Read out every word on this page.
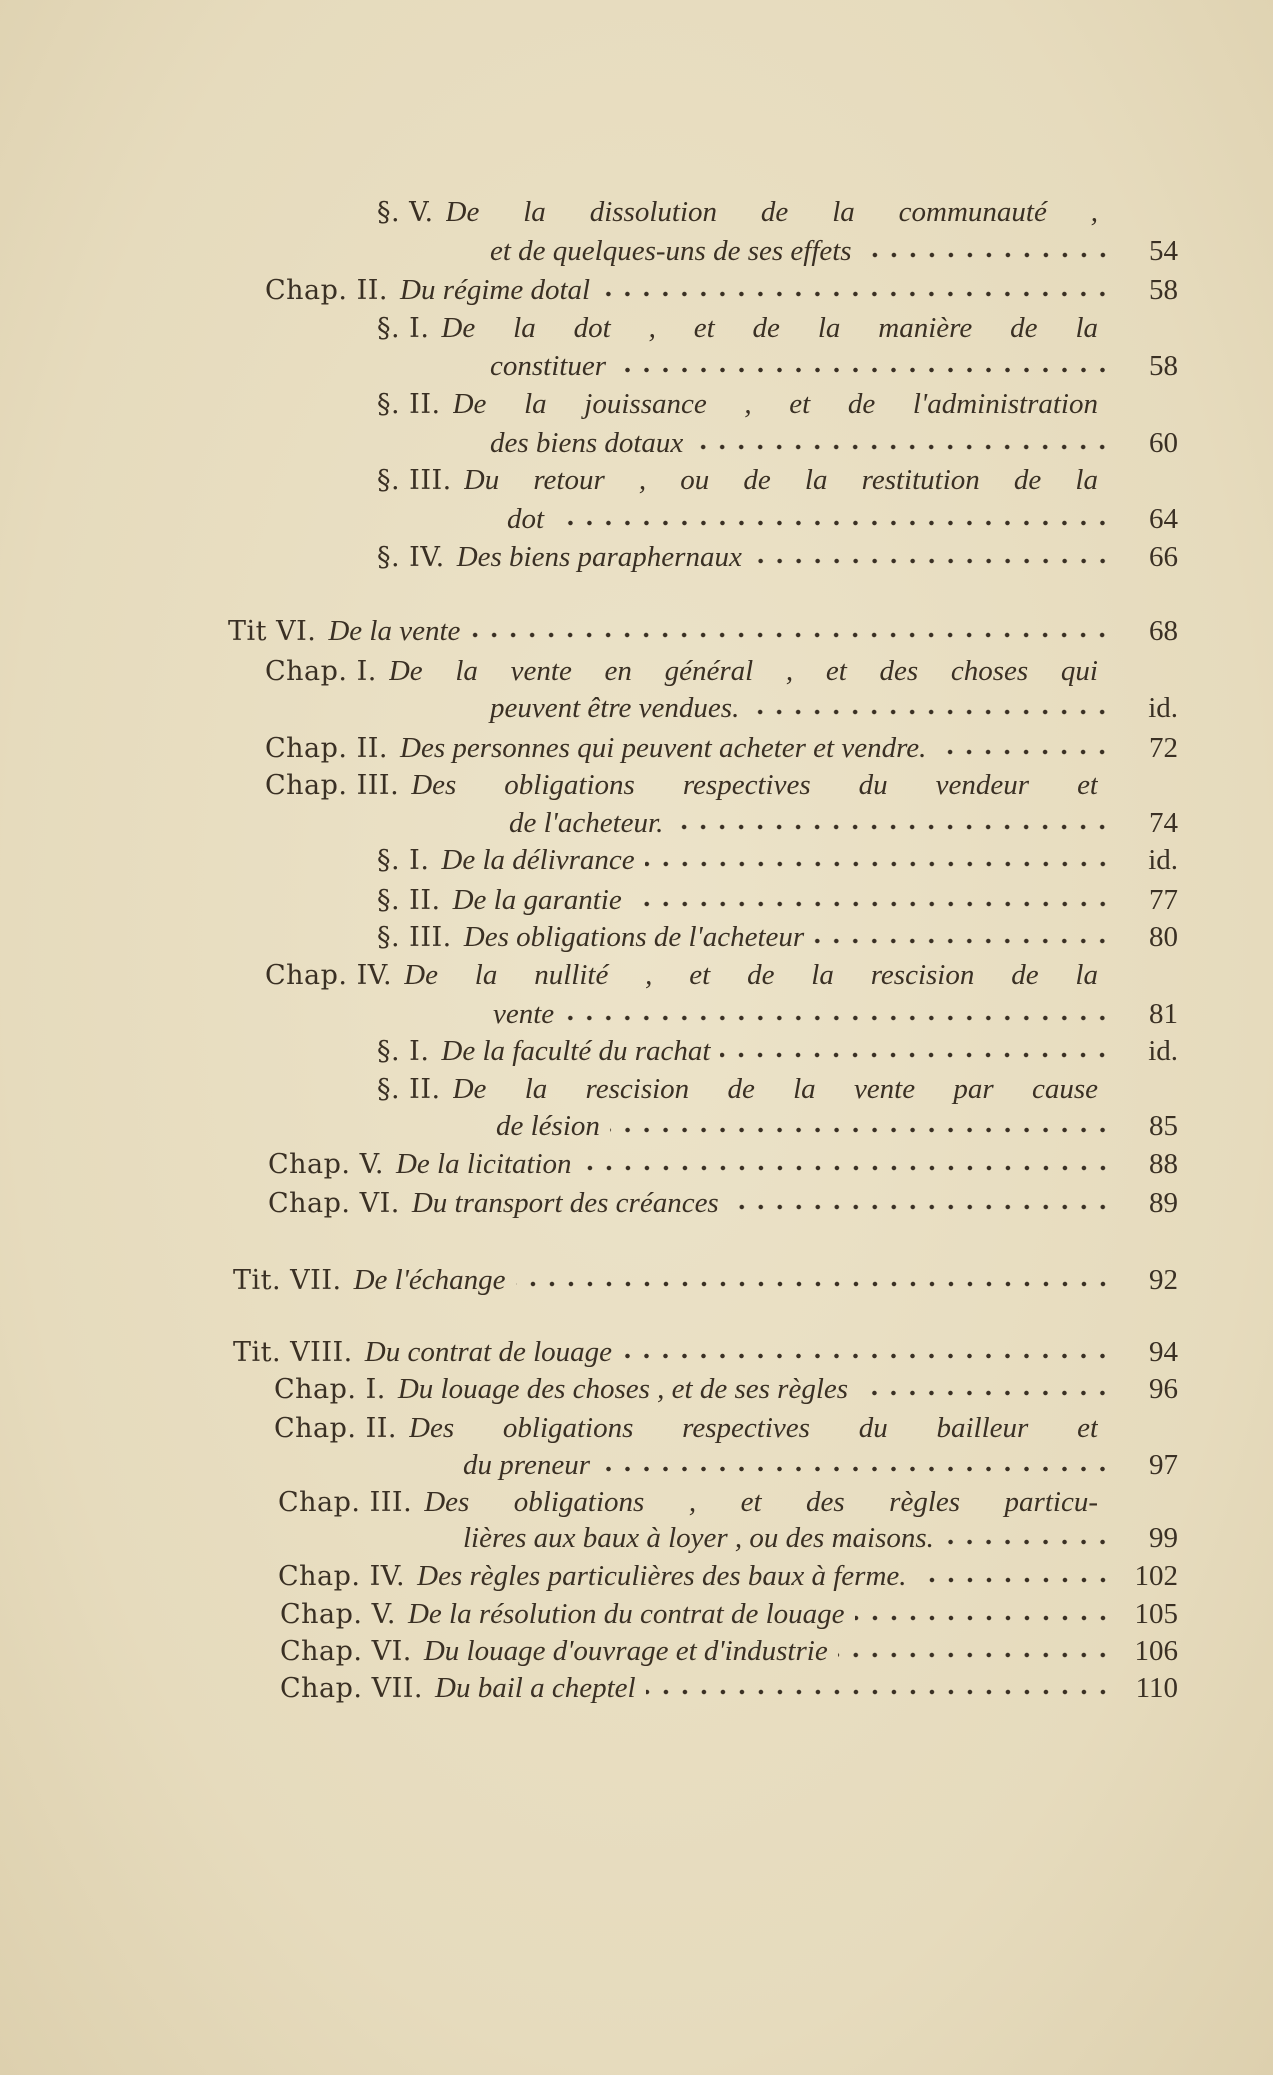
§. V. De la dissolution de la communauté ,
et de quelques-uns de ses effets	54
Chap. II. Du régime dotal	58
§. I. De la dot , et de la manière de la
constituer	58
§. II. De la jouissance , et de l'administration
des biens dotaux	60
§. III. Du retour , ou de la restitution de la
dot	64
§. IV. Des biens paraphernaux	66
Tit VI. De la vente	68
Chap. I. De la vente en général , et des choses qui
peuvent être vendues.	id.
Chap. II. Des personnes qui peuvent acheter et vendre.	72
Chap. III. Des obligations respectives du vendeur et
de l'acheteur.	74
§. I. De la délivrance	id.
§. II. De la garantie	77
§. III. Des obligations de l'acheteur	80
Chap. IV. De la nullité , et de la rescision de la
vente	81
§. I. De la faculté du rachat	id.
§. II. De la rescision de la vente par cause
de lésion	85
Chap. V. De la licitation	88
Chap. VI. Du transport des créances	89
Tit. VII. De l'échange	92
Tit. VIII. Du contrat de louage	94
Chap. I. Du louage des choses , et de ses règles	96
Chap. II. Des obligations respectives du bailleur et
du preneur	97
Chap. III. Des obligations , et des règles particu-
lières aux baux à loyer , ou des maisons.	99
Chap. IV. Des règles particulières des baux à ferme.	102
Chap. V. De la résolution du contrat de louage	105
Chap. VI. Du louage d'ouvrage et d'industrie	106
Chap. VII. Du bail a cheptel	110
